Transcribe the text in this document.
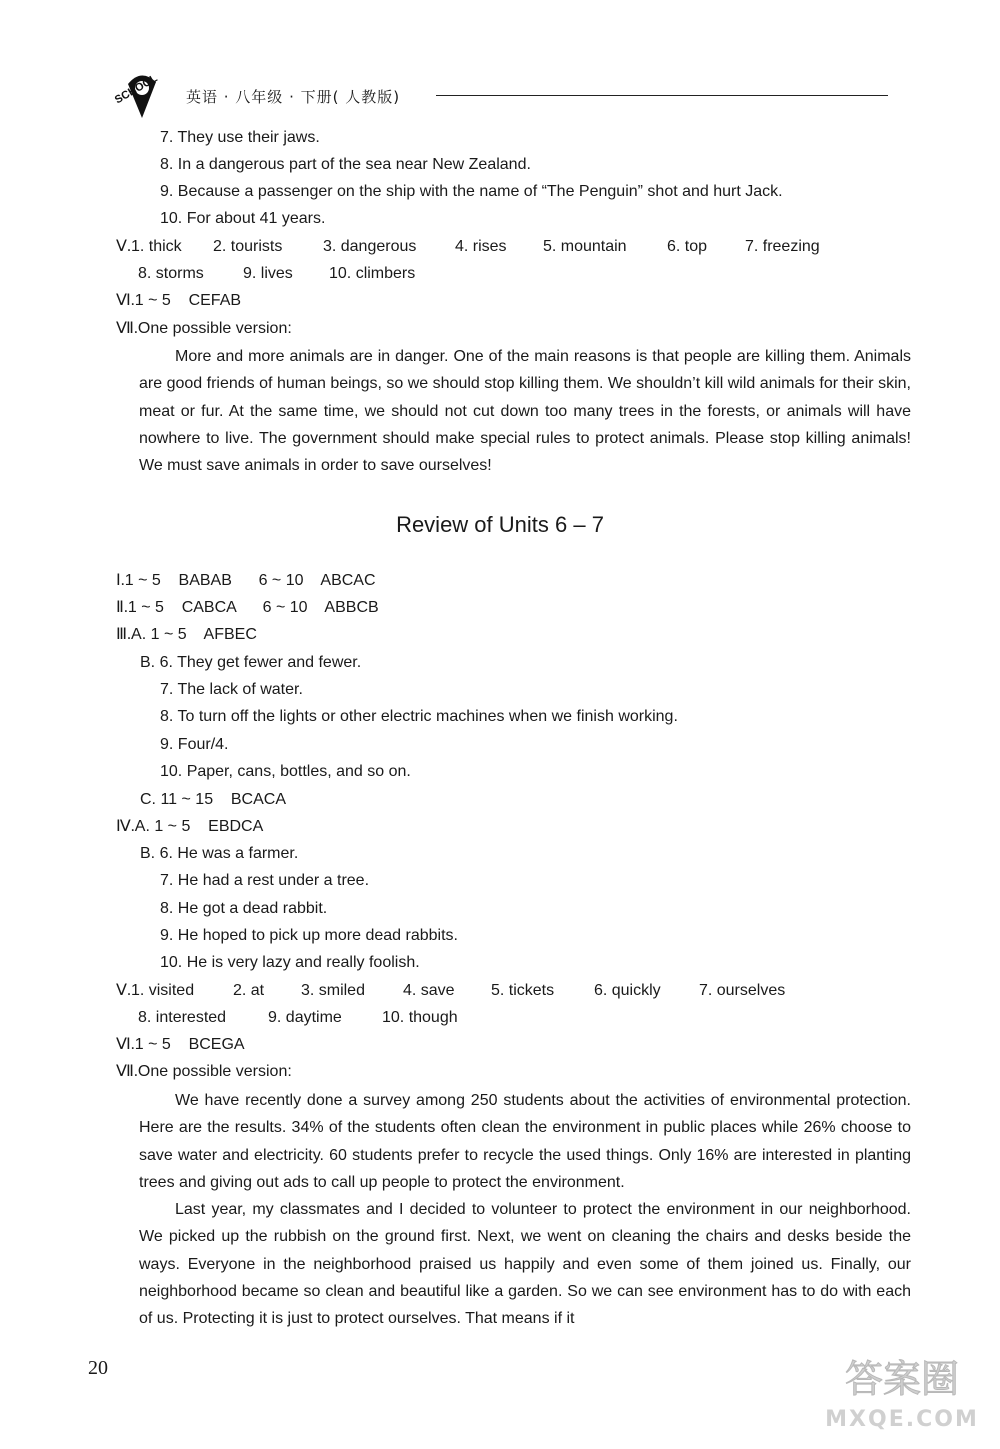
SCHOOL 英语 · 八年级 · 下册( 人教版)
7. They use their jaws.
8. In a dangerous part of the sea near New Zealand.
9. Because a passenger on the ship with the name of “The Penguin” shot and hurt Jack.
10. For about 41 years.
Ⅴ.1. thick 2. tourists	3. dangerous 4. rises 5. mountain	6. top 7. freezing
8. storms 9. lives 10. climbers
Ⅵ.1 ~ 5    CEFAB
Ⅶ.One possible version:
More and more animals are in danger. One of the main reasons is that people are killing them. Animals are good friends of human beings, so we should stop killing them. We shouldn’t kill wild animals for their skin, meat or fur. At the same time, we should not cut down too many trees in the forests, or animals will have nowhere to live. The government should make special rules to protect animals. Please stop killing animals! We must save animals in order to save ourselves!
Review of Units 6 – 7
Ⅰ.1 ~ 5    BABAB      6 ~ 10    ABCAC
Ⅱ.1 ~ 5    CABCA      6 ~ 10    ABBCB
Ⅲ.A. 1 ~ 5    AFBEC
B. 6. They get fewer and fewer.
7. The lack of water.
8. To turn off the lights or other electric machines when we finish working.
9. Four/4.
10. Paper, cans, bottles, and so on.
C. 11 ~ 15    BCACA
Ⅳ.A. 1 ~ 5    EBDCA
B. 6. He was a farmer.
7. He had a rest under a tree.
8. He got a dead rabbit.
9. He hoped to pick up more dead rabbits.
10. He is very lazy and really foolish.
Ⅴ.1. visited 2. at 3. smiled 4. save 5. tickets 6. quickly 7. ourselves
8. interested	9. daytime	10. though
Ⅵ.1 ~ 5    BCEGA
Ⅶ.One possible version:
We have recently done a survey among 250 students about the activities of environmental protection. Here are the results. 34% of the students often clean the environment in public places while 26% choose to save water and electricity. 60 students prefer to recycle the used things. Only 16% are interested in planting trees and giving out ads to call up people to protect the environment.
Last year, my classmates and I decided to volunteer to protect the environment in our neighborhood. We picked up the rubbish on the ground first. Next, we went on cleaning the chairs and desks beside the ways. Everyone in the neighborhood praised us happily and even some of them joined us. Finally, our neighborhood became so clean and beautiful like a garden. So we can see environment has to do with each of us. Protecting it is just to protect ourselves. That means if it
20	答案圈
MXQE.COM
